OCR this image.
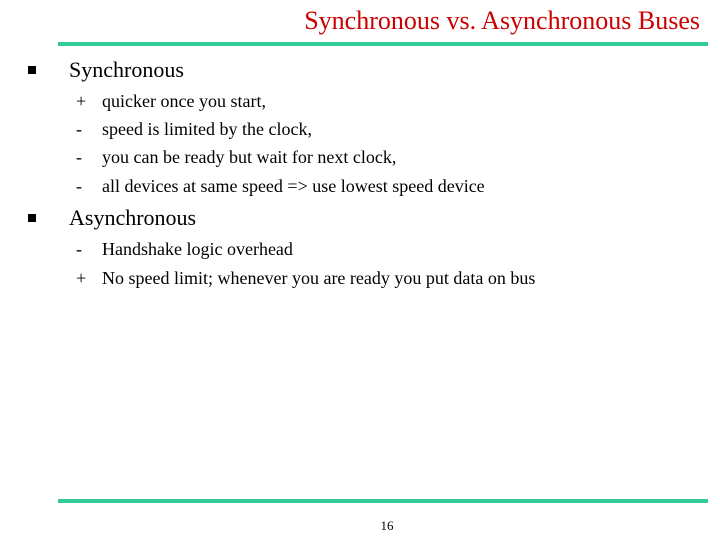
Synchronous vs. Asynchronous Buses
Synchronous
+ quicker once you start,
- speed is limited by the clock,
- you can be ready but wait for next clock,
- all devices at same speed => use lowest speed device
Asynchronous
- Handshake logic overhead
+ No speed limit; whenever you are ready you put data on bus
16
